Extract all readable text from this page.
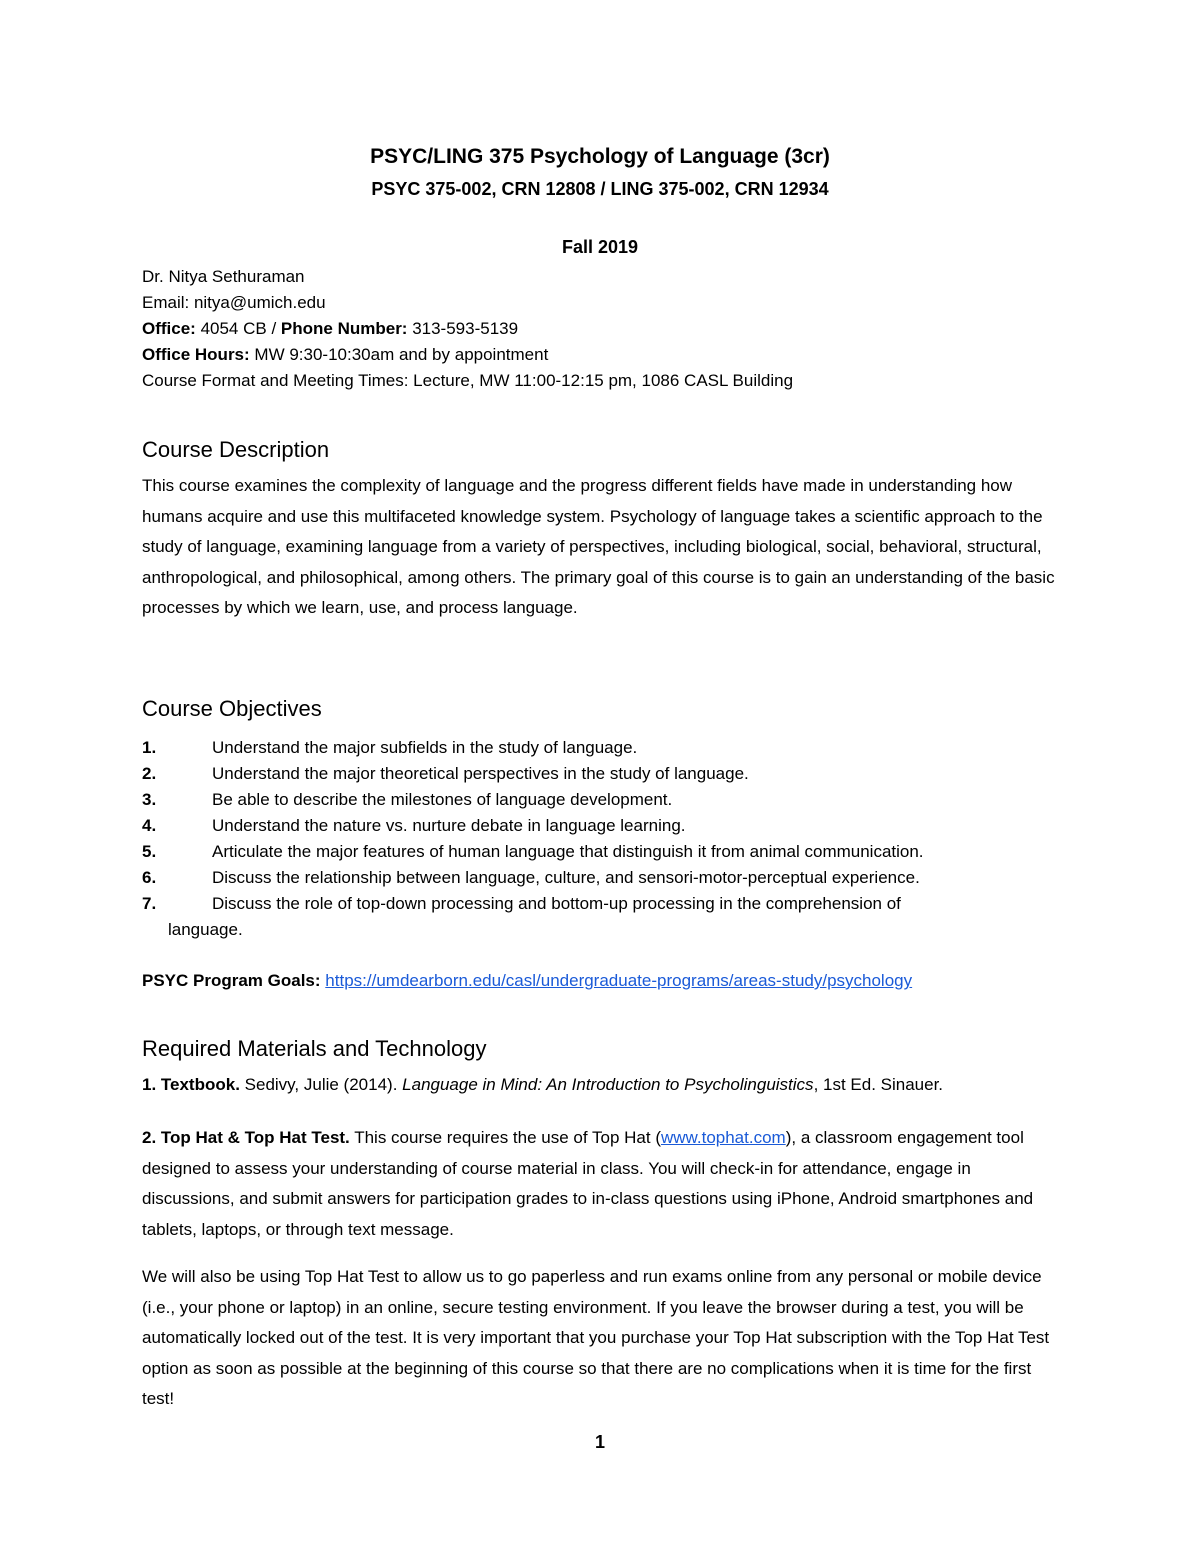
PSYC/LING 375 Psychology of Language (3cr)
PSYC 375-002, CRN 12808 / LING 375-002, CRN 12934
Fall 2019
Dr. Nitya Sethuraman
Email: nitya@umich.edu
Office: 4054 CB / Phone Number: 313-593-5139
Office Hours: MW 9:30-10:30am and by appointment
Course Format and Meeting Times: Lecture, MW 11:00-12:15 pm, 1086 CASL Building
Course Description
This course examines the complexity of language and the progress different fields have made in understanding how humans acquire and use this multifaceted knowledge system. Psychology of language takes a scientific approach to the study of language, examining language from a variety of perspectives, including biological, social, behavioral, structural, anthropological, and philosophical, among others. The primary goal of this course is to gain an understanding of the basic processes by which we learn, use, and process language.
Course Objectives
1.	Understand the major subfields in the study of language.
2.	Understand the major theoretical perspectives in the study of language.
3.	Be able to describe the milestones of language development.
4.	Understand the nature vs. nurture debate in language learning.
5.	Articulate the major features of human language that distinguish it from animal communication.
6.	Discuss the relationship between language, culture, and sensori-motor-perceptual experience.
7.	Discuss the role of top-down processing and bottom-up processing in the comprehension of
language.
PSYC Program Goals: https://umdearborn.edu/casl/undergraduate-programs/areas-study/psychology
Required Materials and Technology
1. Textbook. Sedivy, Julie (2014). Language in Mind: An Introduction to Psycholinguistics, 1st Ed. Sinauer.
2. Top Hat & Top Hat Test. This course requires the use of Top Hat (www.tophat.com), a classroom engagement tool designed to assess your understanding of course material in class. You will check-in for attendance, engage in discussions, and submit answers for participation grades to in-class questions using iPhone, Android smartphones and tablets, laptops, or through text message.
We will also be using Top Hat Test to allow us to go paperless and run exams online from any personal or mobile device (i.e., your phone or laptop) in an online, secure testing environment. If you leave the browser during a test, you will be automatically locked out of the test. It is very important that you purchase your Top Hat subscription with the Top Hat Test option as soon as possible at the beginning of this course so that there are no complications when it is time for the first test!
1
